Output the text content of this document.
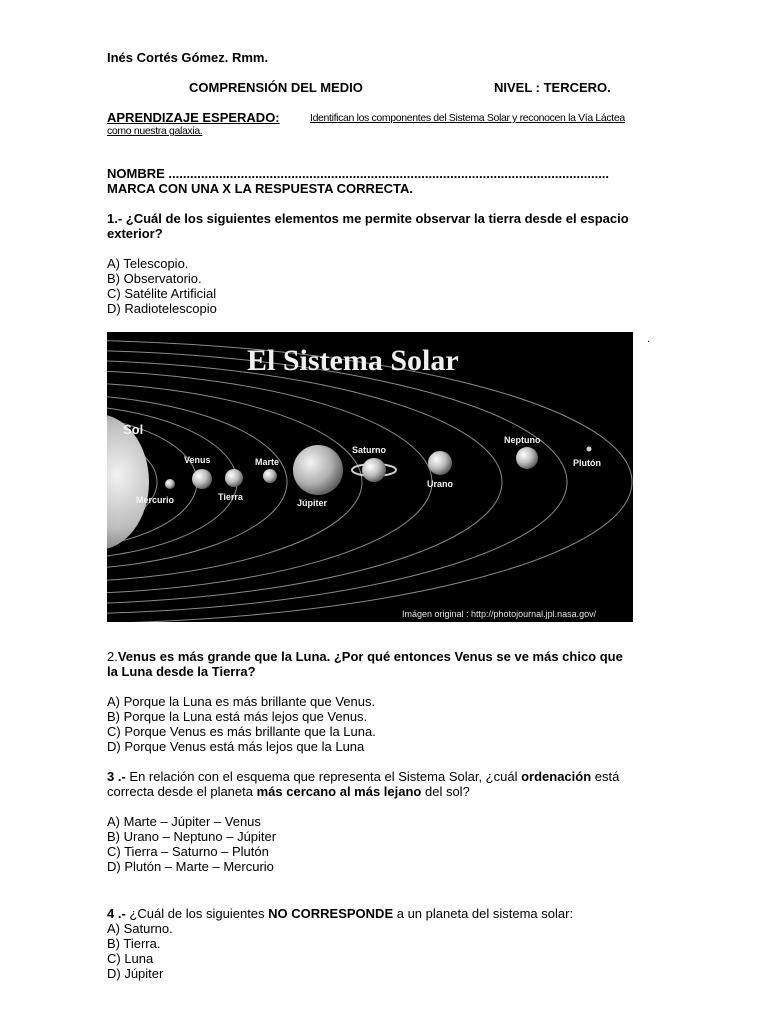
Inés Cortés Gómez. Rmm.
COMPRENSIÓN DEL MEDIO	NIVEL : TERCERO.
APRENDIZAJE ESPERADO:	Identifican los componentes del Sistema Solar y reconocen la Vía Láctea
como nuestra galaxia.
NOMBRE ..........................................................................................................................
MARCA CON UNA X LA RESPUESTA CORRECTA.
1.- ¿Cuál de los siguientes elementos me permite observar la tierra desde el espacio
exterior?
A) Telescopio.
B) Observatorio.
C) Satélite Artificial
D) Radiotelescopio
.
El Sistema Solar
Sol
Venus	Marte
Saturno
Neptuno
Plutón
Mercurio	Tierra
Júpiter
Urano
Imágen original : http://photojournal.jpl.nasa.gov/
2.Venus es más grande que la Luna. ¿Por qué entonces Venus se ve más chico que
la Luna desde la Tierra?
A) Porque la Luna es más brillante que Venus.
B) Porque la Luna está más lejos que Venus.
C) Porque Venus es más brillante que la Luna.
D) Porque Venus está más lejos que la Luna
3 .- En relación con el esquema que representa el Sistema Solar, ¿cuál ordenación está
correcta desde el planeta más cercano al más lejano del sol?
A) Marte – Júpiter – Venus
B) Urano – Neptuno – Júpiter
C) Tierra – Saturno – Plutón
D) Plutón – Marte – Mercurio
4 .- ¿Cuál de los siguientes NO CORRESPONDE a un planeta del sistema solar:
A) Saturno.
B) Tierra.
C) Luna
D) Júpiter
